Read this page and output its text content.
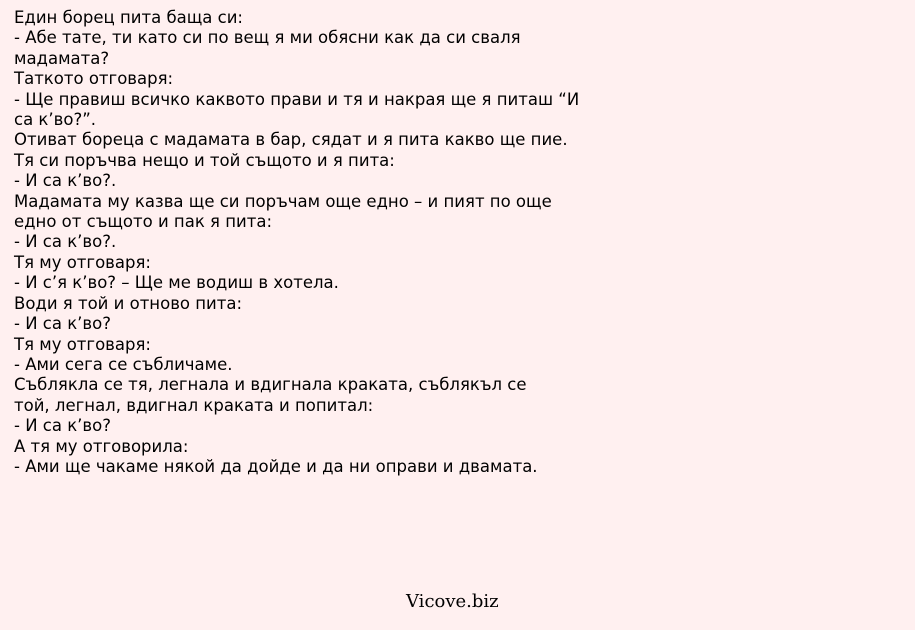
Един борец пита баща си:
- Абе тате, ти като си по вещ я ми обясни как да си сваля мадамата?
Таткото отговаря:
- Ще правиш всичко каквото прави и тя и накрая ще я питаш “И са к’во?”.
Отиват бореца с мадамата в бар, сядат и я пита какво ще пие.
Тя си поръчва нещо и той същото и я пита:
- И са к’во?.
Мадамата му казва ще си поръчам още едно – и пият по още едно от същото и пак я пита:
- И са к’во?.
Тя му отговаря:
- И с’я к’во? – Ще ме водиш в хотела.
Води я той и отново пита:
- И са к’во?
Тя му отговаря:
- Ами сега се събличаме.
Съблякла се тя, легнала и вдигнала краката, съблякъл се
той, легнал, вдигнал краката и попитал:
- И са к’во?
А тя му отговорила:
- Ами ще чакаме някой да дойде и да ни оправи и двамата.
Vicove.biz
